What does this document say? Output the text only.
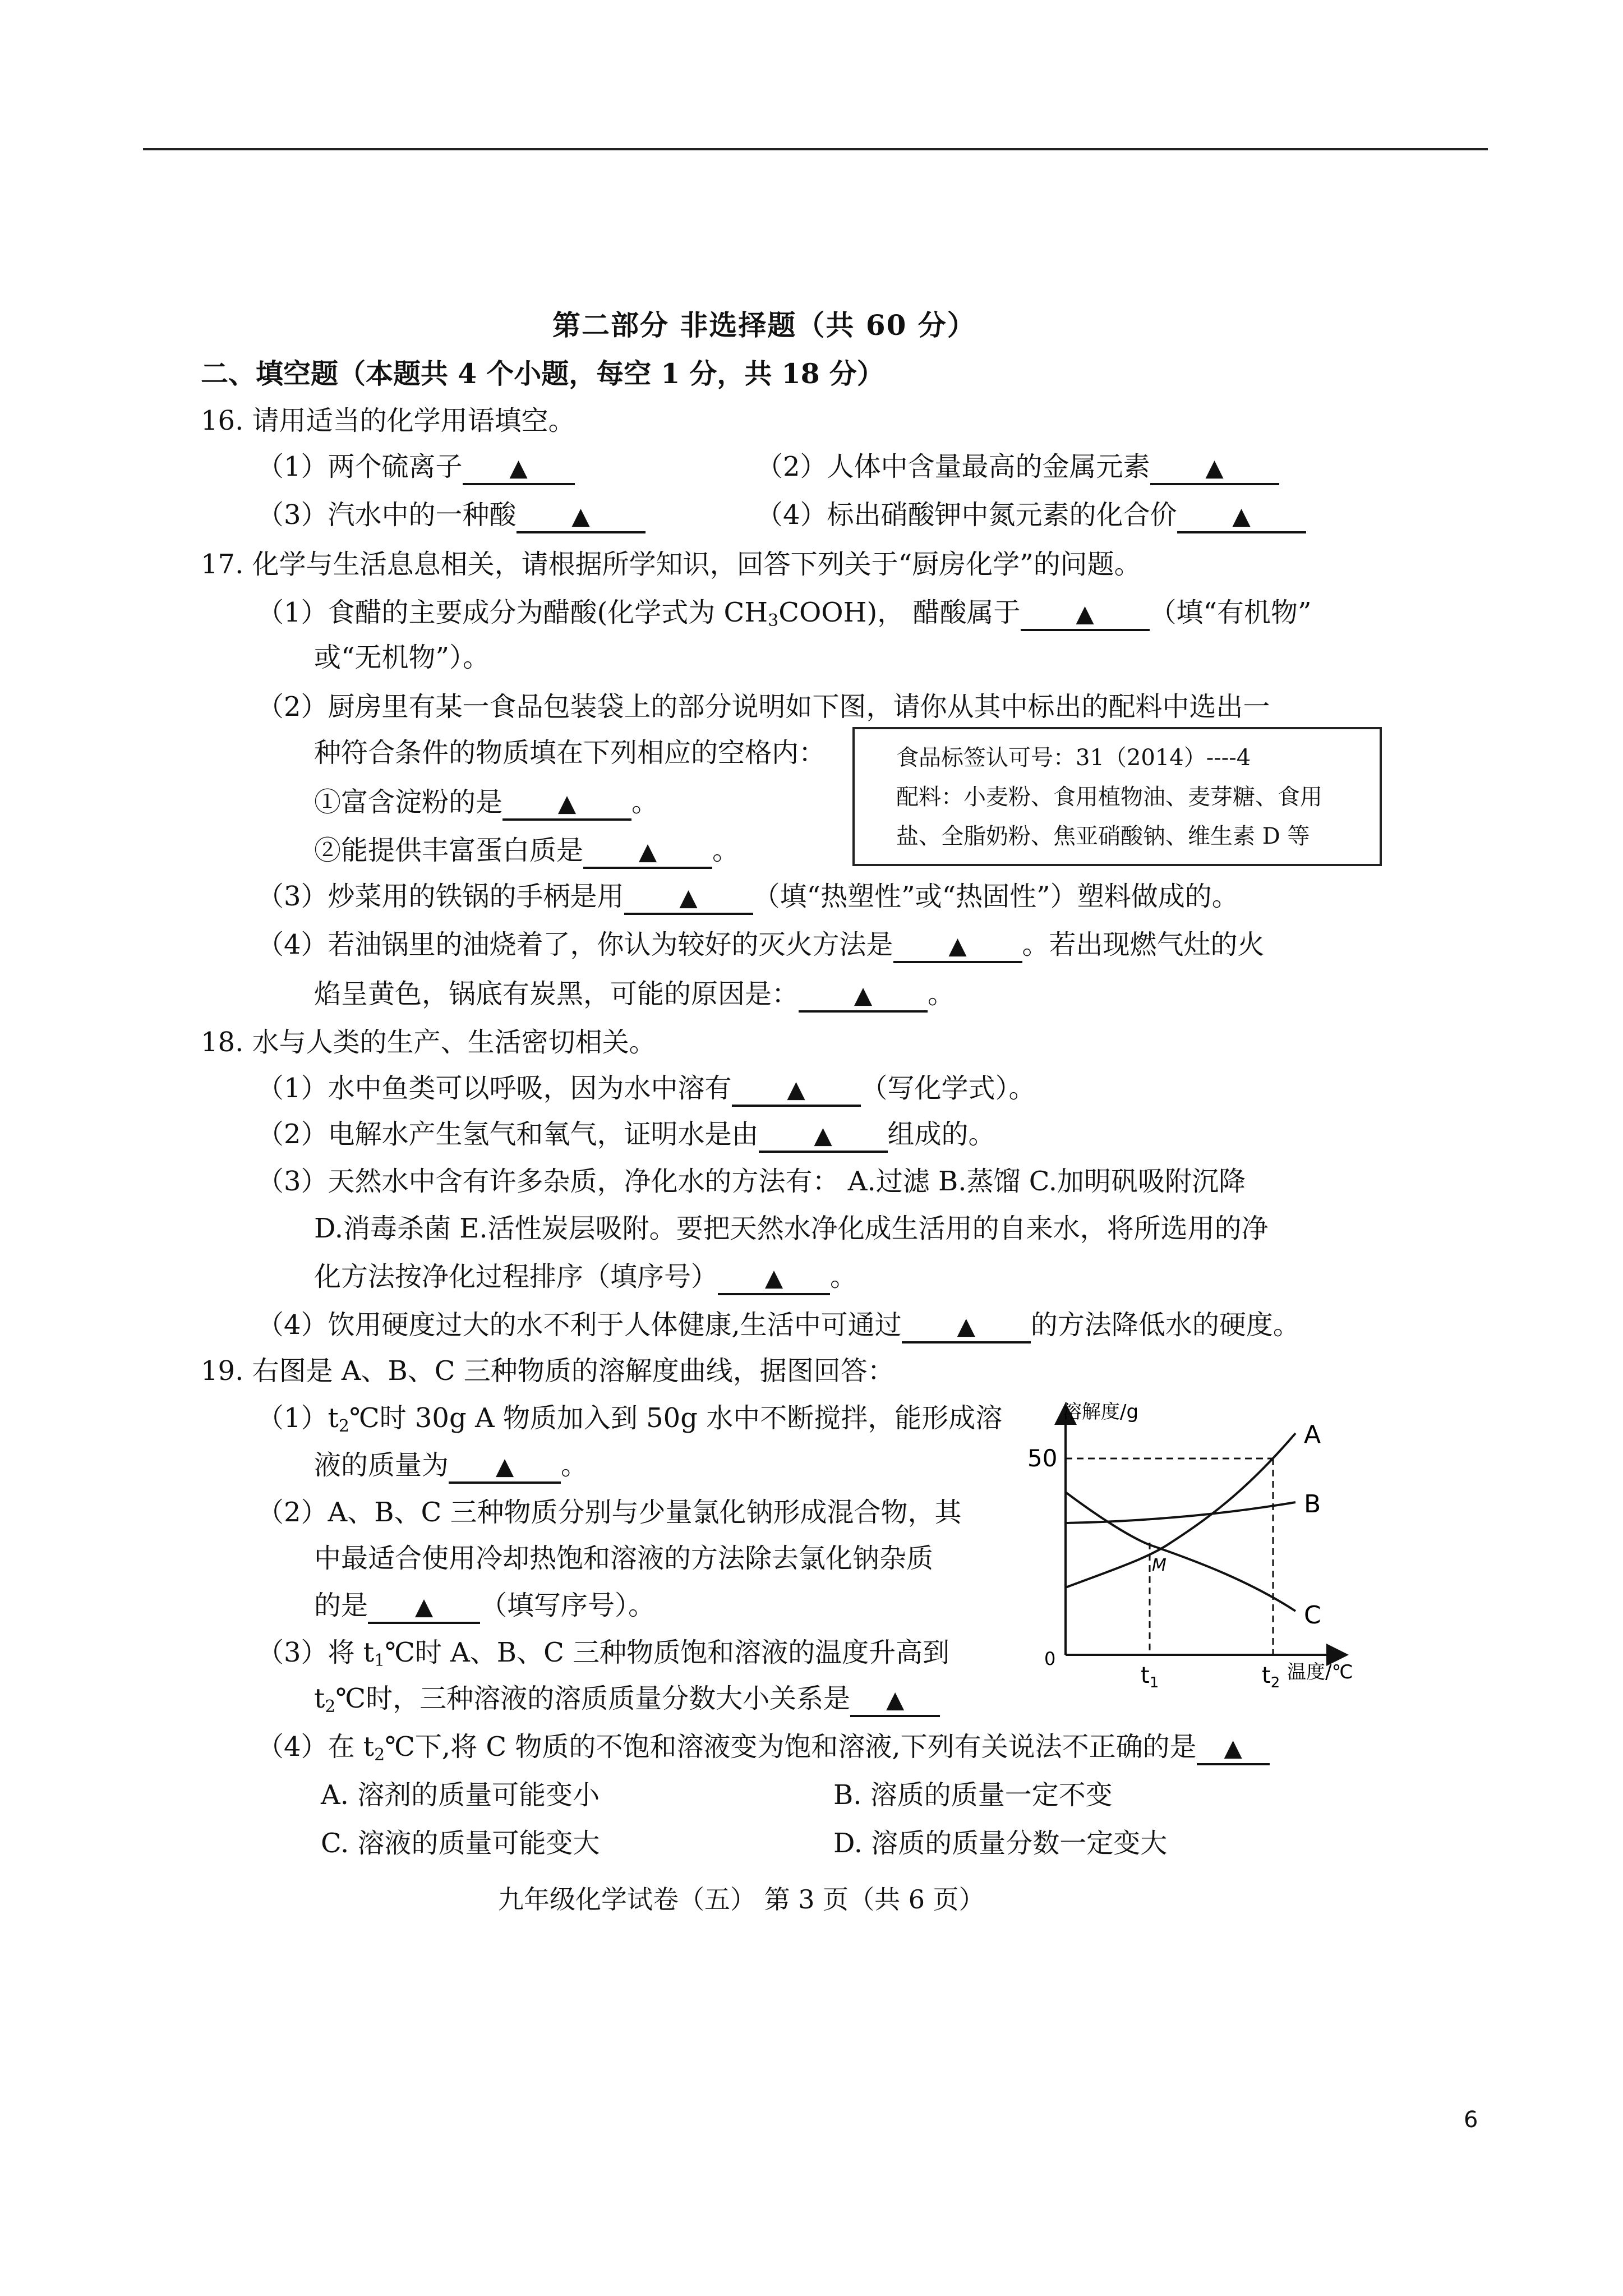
第二部分 非选择题（共 60 分）
二、填空题（本题共 4 个小题，每空 1 分，共 18 分）
16. 请用适当的化学用语填空。
（1）两个硫离子 ▲	（2）人体中含量最高的金属元素 ▲
（3）汽水中的一种酸 ▲	（4）标出硝酸钾中氮元素的化合价 ▲
17. 化学与生活息息相关，请根据所学知识，回答下列关于“厨房化学”的问题。
（1）食醋的主要成分为醋酸(化学式为 $CH_3COOH$)， 醋酸属于 ▲ （填“有机物”
或“无机物”）。
（2）厨房里有某一食品包装袋上的部分说明如下图，请你从其中标出的配料中选出一
种符合条件的物质填在下列相应的空格内：
①富含淀粉的是 ▲ 。
②能提供丰富蛋白质是 ▲ 。
食品标签认可号：31（2014）----4
配料：小麦粉、食用植物油、麦芽糖、食用
盐、全脂奶粉、焦亚硝酸钠、维生素 D 等
（3）炒菜用的铁锅的手柄是用 ▲ （填“热塑性”或“热固性”）塑料做成的。
（4）若油锅里的油烧着了，你认为较好的灭火方法是 ▲ 。若出现燃气灶的火
焰呈黄色，锅底有炭黑，可能的原因是： ▲ 。
18. 水与人类的生产、生活密切相关。
（1）水中鱼类可以呼吸，因为水中溶有 ▲ （写化学式）。
（2）电解水产生氢气和氧气，证明水是由 ▲ 组成的。
（3）天然水中含有许多杂质，净化水的方法有： A.过滤 B.蒸馏 C.加明矾吸附沉降
D.消毒杀菌 E.活性炭层吸附。要把天然水净化成生活用的自来水，将所选用的净
化方法按净化过程排序（填序号） ▲ 。
（4）饮用硬度过大的水不利于人体健康,生活中可通过 ▲ 的方法降低水的硬度。
19. 右图是 A、B、C 三种物质的溶解度曲线，据图回答：
$(1)t_2℃$时 30g A 物质加入到 50g 水中不断搅拌，能形成溶
液的质量为 ▲ 。
（2）A、B、C 三种物质分别与少量氯化钠形成混合物，其
中最适合使用冷却热饱和溶液的方法除去氯化钠杂质
的是 ▲ （填写序号）。
（3）将 $t_1℃$时 A、B、C 三种物质饱和溶液的温度升高到
$t_2℃$时，三种溶液的溶质质量分数大小关系是 ▲
（4）在 $t_2℃$下,将 C 物质的不饱和溶液变为饱和溶液,下列有关说法不正确的是 ▲
A. 溶剂的质量可能变小	B. 溶质的质量一定不变
C. 溶液的质量可能变大	D. 溶质的质量分数一定变大
溶解度/g
50
0
$t_1$	$t_2$ 温度/℃
A
B
C
M
九年级化学试卷（五） 第 3 页（共 6 页）
6
